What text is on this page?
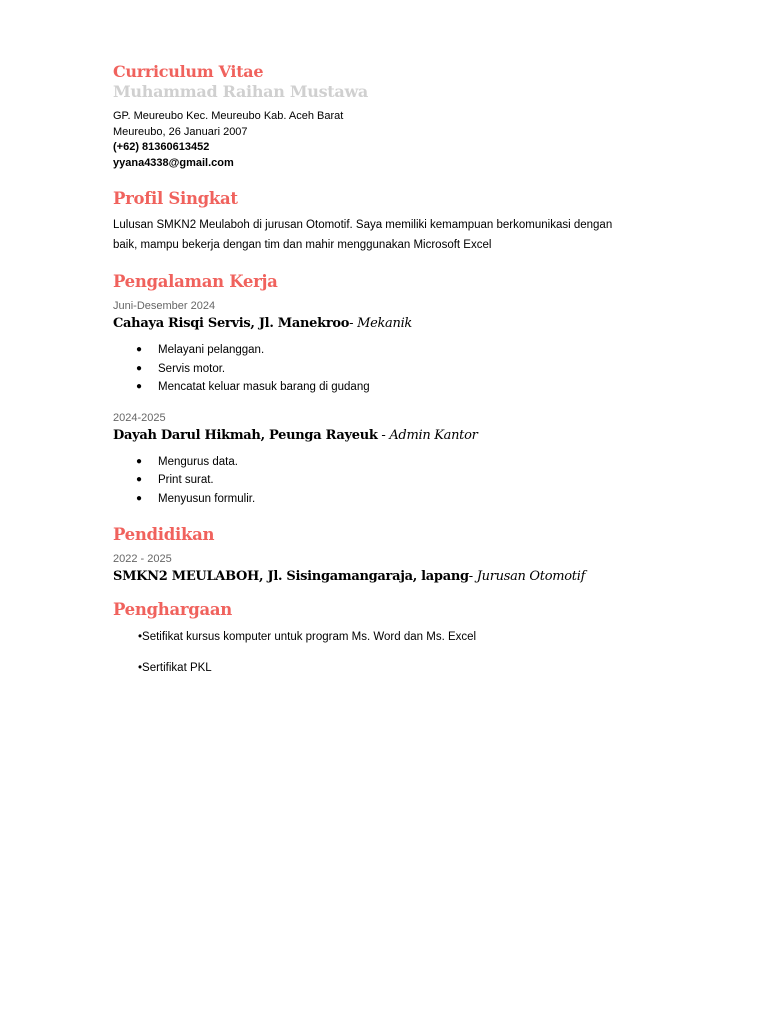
Curriculum Vitae
Muhammad Raihan Mustawa

GP. Meureubo Kec. Meureubo Kab. Aceh Barat

Meureubo, 26 Januari 2007

(+62) 81360613452

yyana4338@gmail.com

Profil Singkat

Lulusan SMKN2 Meulaboh di jurusan Otomotif. Saya memiliki kemampuan berkomunikasi dengan
baik, mampu bekerja dengan tim dan mahir menggunakan Microsoft Excel

Pengalaman Kerja

Juni-Desember 2024

Cahaya Risqi Servis, Jl. Manekroo- Mekanik

● Melayani pelanggan.
● Servis motor.
● Mencatat keluar masuk barang di gudang

2024-2025

Dayah Darul Hikmah, Peunga Rayeuk - Admin Kantor

● Mengurus data.
● Print surat.
● Menyusun formulir.
Pendidikan

2022 - 2025

SMKN2 MEULABOH, Jl. Sisingamangaraja, lapang- Jurusan Otomotif

Penghargaan

•Setifikat kursus komputer untuk program Ms. Word dan Ms. Excel

•Sertifikat PKL
